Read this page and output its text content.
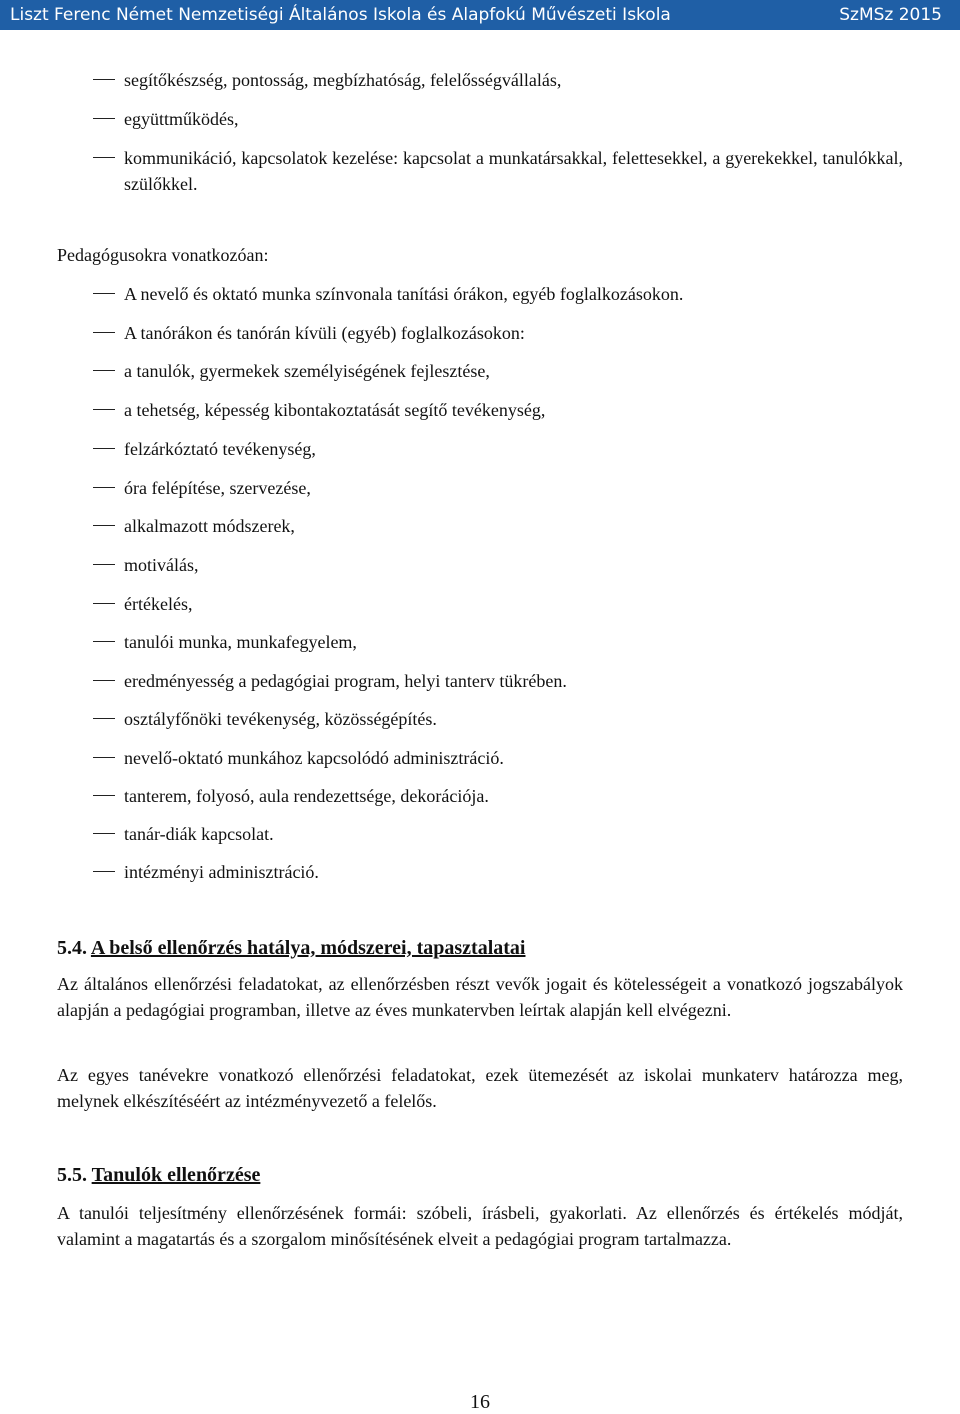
Liszt Ferenc Német Nemzetiségi Általános Iskola és Alapfokú Művészeti Iskola	SzMSz 2015
segítőkészség, pontosság, megbízhatóság, felelősségvállalás,
együttműködés,
kommunikáció, kapcsolatok kezelése: kapcsolat a munkatársakkal, felettesekkel, a gyerekekkel, tanulókkal, szülőkkel.
Pedagógusokra vonatkozóan:
A nevelő és oktató munka színvonala tanítási órákon, egyéb foglalkozásokon.
A tanórákon és tanórán kívüli (egyéb) foglalkozásokon:
a tanulók, gyermekek személyiségének fejlesztése,
a tehetség, képesség kibontakoztatását segítő tevékenység,
felzárkóztató tevékenység,
óra felépítése, szervezése,
alkalmazott módszerek,
motiválás,
értékelés,
tanulói munka, munkafegyelem,
eredményesség a pedagógiai program, helyi tanterv tükrében.
osztályfőnöki tevékenység, közösségépítés.
nevelő-oktató munkához kapcsolódó adminisztráció.
tanterem, folyosó, aula rendezettsége, dekorációja.
tanár-diák kapcsolat.
intézményi adminisztráció.
5.4. A belső ellenőrzés hatálya, módszerei, tapasztalatai
Az általános ellenőrzési feladatokat, az ellenőrzésben részt vevők jogait és kötelességeit a vonatkozó jogszabályok alapján a pedagógiai programban, illetve az éves munkatervben leírtak alapján kell elvégezni.
Az egyes tanévekre vonatkozó ellenőrzési feladatokat, ezek ütemezését az iskolai munkaterv határozza meg, melynek elkészítéséért az intézményvezető a felelős.
5.5. Tanulók ellenőrzése
A tanulói teljesítmény ellenőrzésének formái: szóbeli, írásbeli, gyakorlati. Az ellenőrzés és értékelés módját, valamint a magatartás és a szorgalom minősítésének elveit a pedagógiai program tartalmazza.
16
